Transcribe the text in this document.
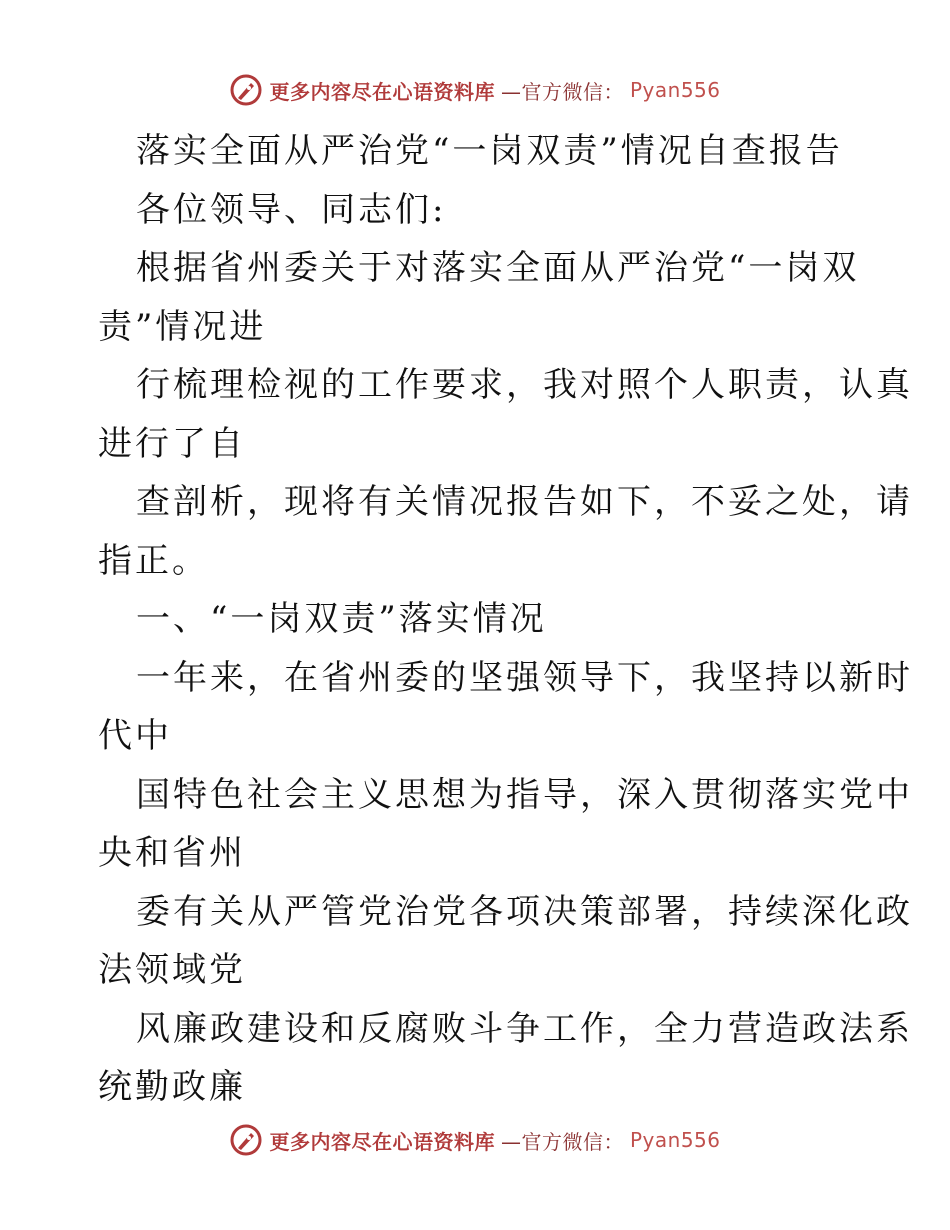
更多内容尽在心语资料库 —官方微信： Pyan556
落实全面从严治党“一岗双责”情况自查报告
各位领导、同志们:
根据省州委关于对落实全面从严治党“一岗双
责”情况进
行梳理检视的工作要求，我对照个人职责，认真
进行了自
查剖析，现将有关情况报告如下，不妥之处，请
指正。
一、“一岗双责”落实情况
一年来，在省州委的坚强领导下，我坚持以新时
代中
国特色社会主义思想为指导，深入贯彻落实党中
央和省州
委有关从严管党治党各项决策部署，持续深化政
法领域党
风廉政建设和反腐败斗争工作，全力营造政法系
统勤政廉
更多内容尽在心语资料库 —官方微信： Pyan556
